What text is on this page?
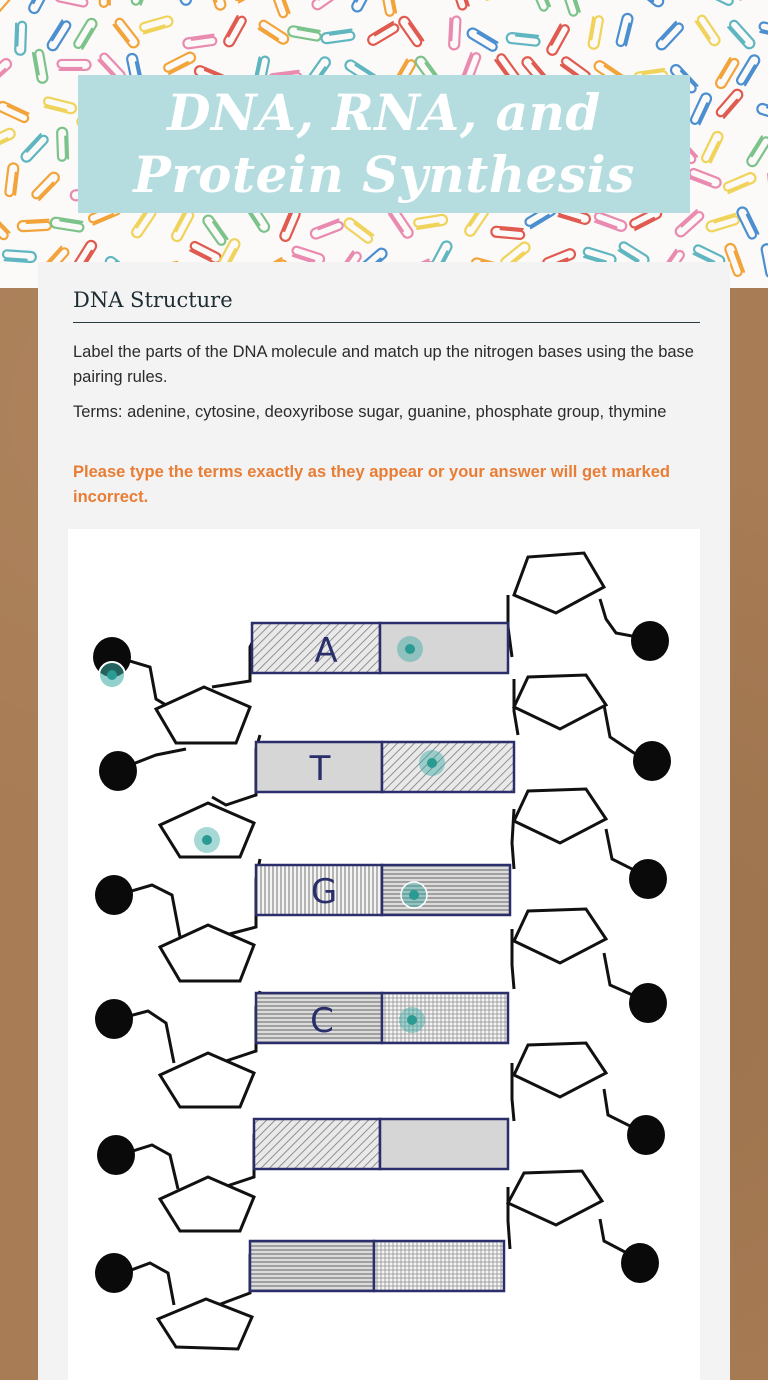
DNA, RNA, and Protein Synthesis
DNA Structure
Label the parts of the DNA molecule and match up the nitrogen bases using the base pairing rules.
Terms: adenine, cytosine, deoxyribose sugar, guanine, phosphate group, thymine
Please type the terms exactly as they appear or your answer will get marked incorrect.
A
T
G
C
